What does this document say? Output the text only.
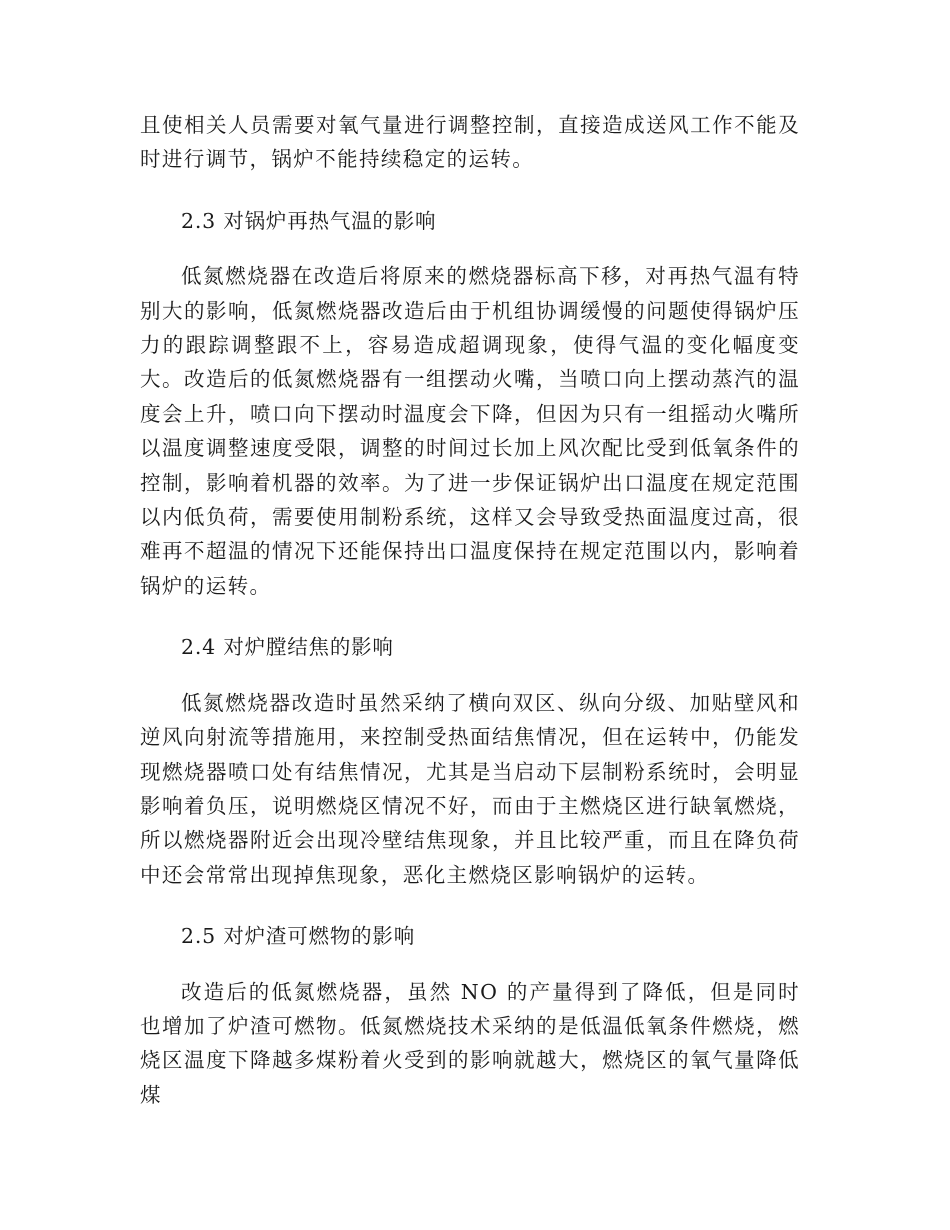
且使相关人员需要对氧气量进行调整控制，直接造成送风工作不能及时进行调节，锅炉不能持续稳定的运转。

2.3 对锅炉再热气温的影响

低氮燃烧器在改造后将原来的燃烧器标高下移，对再热气温有特别大的影响，低氮燃烧器改造后由于机组协调缓慢的问题使得锅炉压力的跟踪调整跟不上，容易造成超调现象，使得气温的变化幅度变大。改造后的低氮燃烧器有一组摆动火嘴，当喷口向上摆动蒸汽的温度会上升，喷口向下摆动时温度会下降，但因为只有一组摇动火嘴所以温度调整速度受限，调整的时间过长加上风次配比受到低氧条件的控制，影响着机器的效率。为了进一步保证锅炉出口温度在规定范围以内低负荷，需要使用制粉系统，这样又会导致受热面温度过高，很难再不超温的情况下还能保持出口温度保持在规定范围以内，影响着锅炉的运转。

2.4 对炉膛结焦的影响

低氮燃烧器改造时虽然采纳了横向双区、纵向分级、加贴壁风和逆风向射流等措施用，来控制受热面结焦情况，但在运转中，仍能发现燃烧器喷口处有结焦情况，尤其是当启动下层制粉系统时，会明显影响着负压，说明燃烧区情况不好，而由于主燃烧区进行缺氧燃烧，所以燃烧器附近会出现冷壁结焦现象，并且比较严重，而且在降负荷中还会常常出现掉焦现象，恶化主燃烧区影响锅炉的运转。

2.5 对炉渣可燃物的影响

改造后的低氮燃烧器，虽然 NO 的产量得到了降低，但是同时也增加了炉渣可燃物。低氮燃烧技术采纳的是低温低氧条件燃烧，燃烧区温度下降越多煤粉着火受到的影响就越大，燃烧区的氧气量降低煤
